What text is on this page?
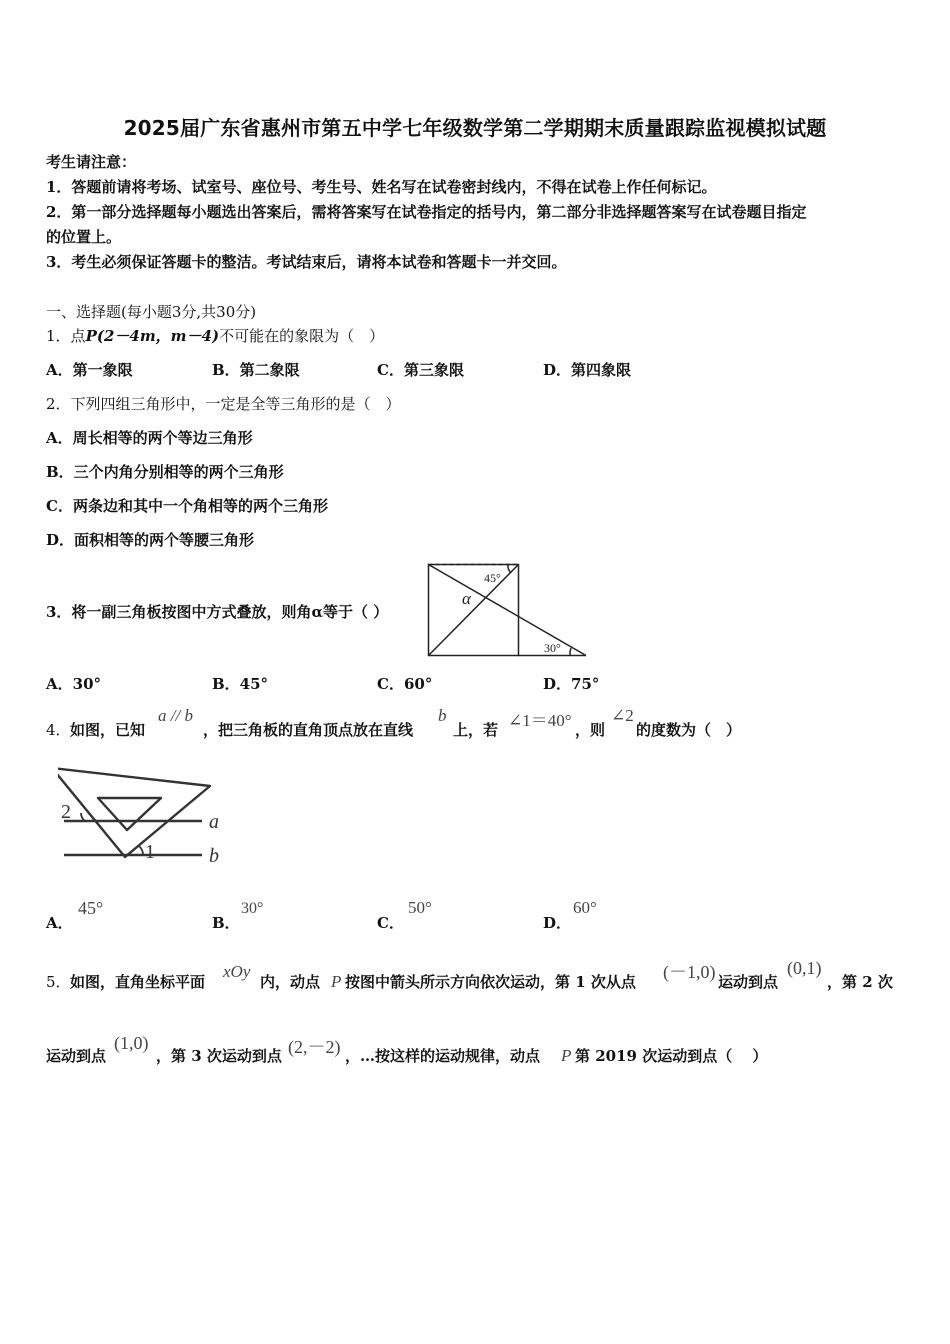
2025届广东省惠州市第五中学七年级数学第二学期期末质量跟踪监视模拟试题
考生请注意：
1．答题前请将考场、试室号、座位号、考生号、姓名写在试卷密封线内，不得在试卷上作任何标记。
2．第一部分选择题每小题选出答案后，需将答案写在试卷指定的括号内，第二部分非选择题答案写在试卷题目指定
的位置上。
3．考生必须保证答题卡的整洁。考试结束后，请将本试卷和答题卡一并交回。
一、选择题(每小题3分,共30分)
1．点P(2－4m，m－4)不可能在的象限为（　）
A．第一象限	B．第二象限	C．第三象限	D．第四象限
2．下列四组三角形中，一定是全等三角形的是（　）
A．周长相等的两个等边三角形
B．三个内角分别相等的两个三角形
C．两条边和其中一个角相等的两个三角形
D．面积相等的两个等腰三角形
3．将一副三角板按图中方式叠放，则角α等于（ ）
45°
α
30°
A．30°	B．45°	C．60°	D．75°
4． 如图，已知
a // b
，把三角板的直角顶点放在直线
b
上，若 ∠1＝40° ，则
∠2
的度数为（　）
2
1
a
b
A．
45°
B．
30°
C．
50°
D．
60°
5． 如图，直角坐标平面
xOy
内，动点 P 按图中箭头所示方向依次运动，第 1 次从点 (－1,0) 运动到点
(0,1)
，第 2 次
运动到点
(1,0)
，第 3 次运动到点 (2,－2) ，…按这样的运动规律，动点 P 第 2019 次运动到点（　 ）
